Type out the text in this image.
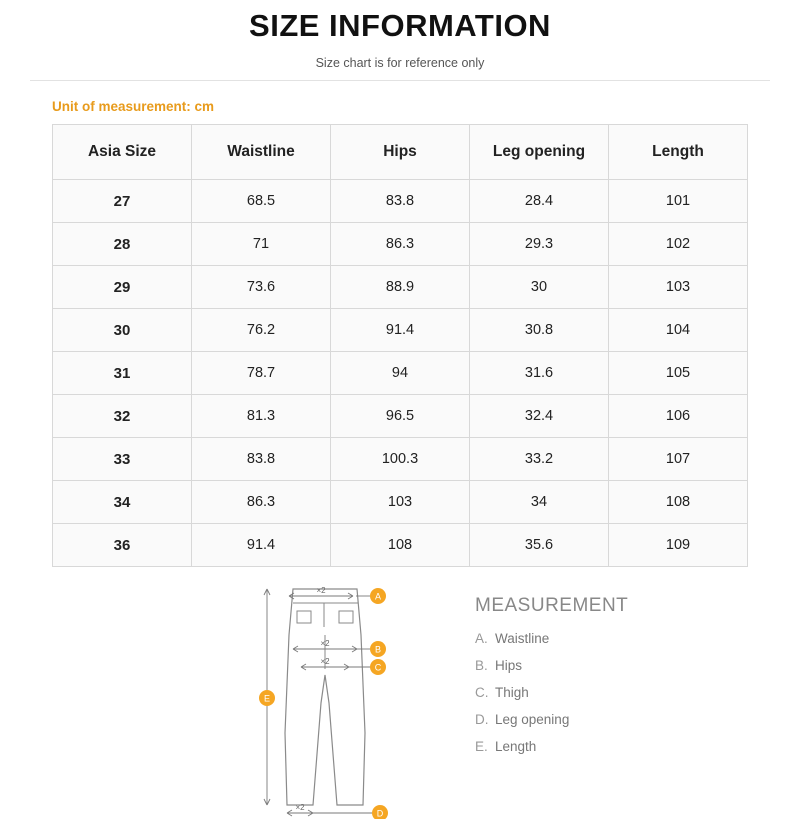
SIZE INFORMATION
Size chart is for reference only
Unit of measurement: cm
Asia Size	Waistline	Hips	Leg opening	Length
27	68.5	83.8	28.4	101
28	71	86.3	29.3	102
29	73.6	88.9	30	103
30	76.2	91.4	30.8	104
31	78.7	94	31.6	105
32	81.3	96.5	32.4	106
33	83.8	100.3	33.2	107
34	86.3	103	34	108
36	91.4	108	35.6	109
×2
×2
×2
×2
A
B
C
D
E
MEASUREMENT
A. Waistline
B. Hips
C. Thigh
D. Leg opening
E. Length
